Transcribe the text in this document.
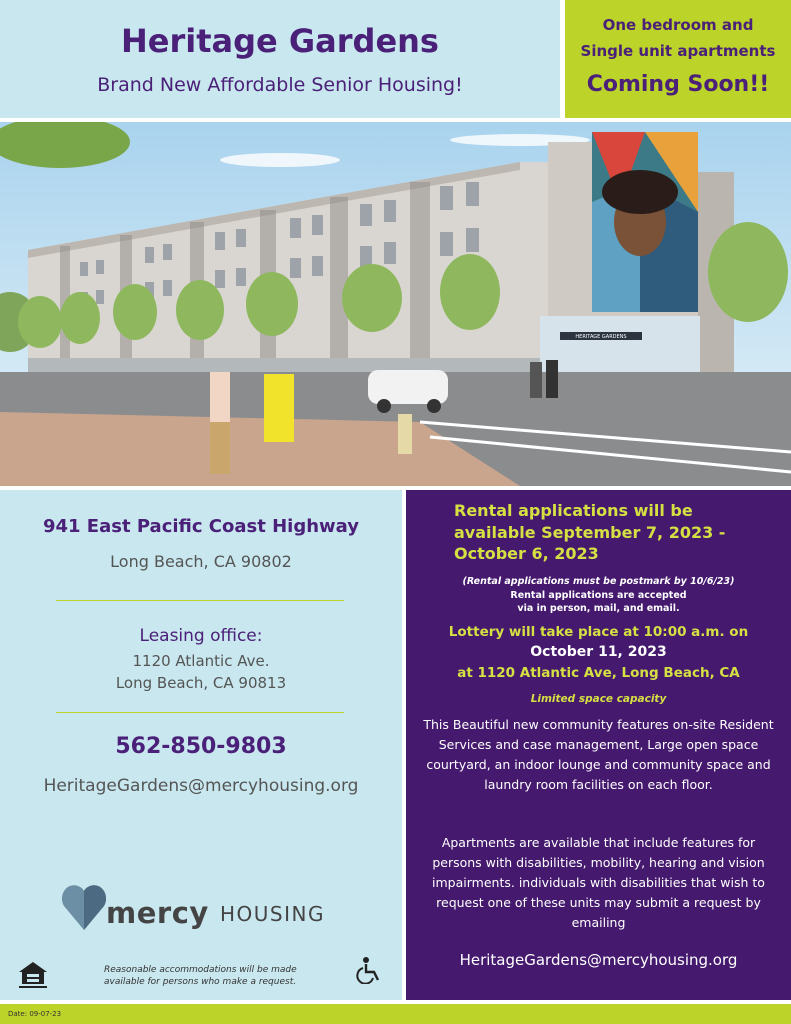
Heritage Gardens
Brand New Affordable Senior Housing!
One bedroom and
Single unit apartments
Coming Soon!!
HERITAGE GARDENS
941 East Pacific Coast Highway
Long Beach, CA 90802
Leasing office:
1120 Atlantic Ave.
Long Beach, CA 90813
562-850-9803
HeritageGardens@mercyhousing.org
mercy HOUSING
Reasonable accommodations will be made available for persons who make a request.
Rental applications will be available September 7, 2023 - October 6, 2023
(Rental applications must be postmark by 10/6/23)
Rental applications are accepted
via in person, mail, and email.
Lottery will take place at 10:00 a.m. on
October 11, 2023
at 1120 Atlantic Ave, Long Beach, CA
Limited space capacity
This Beautiful new community features on-site Resident Services and case management, Large open space courtyard, an indoor lounge and community space and laundry room facilities on each floor.
Apartments are available that include features for persons with disabilities, mobility, hearing and vision impairments. individuals with disabilities that wish to request one of these units may submit a request by emailing
HeritageGardens@mercyhousing.org
Date: 09-07-23
